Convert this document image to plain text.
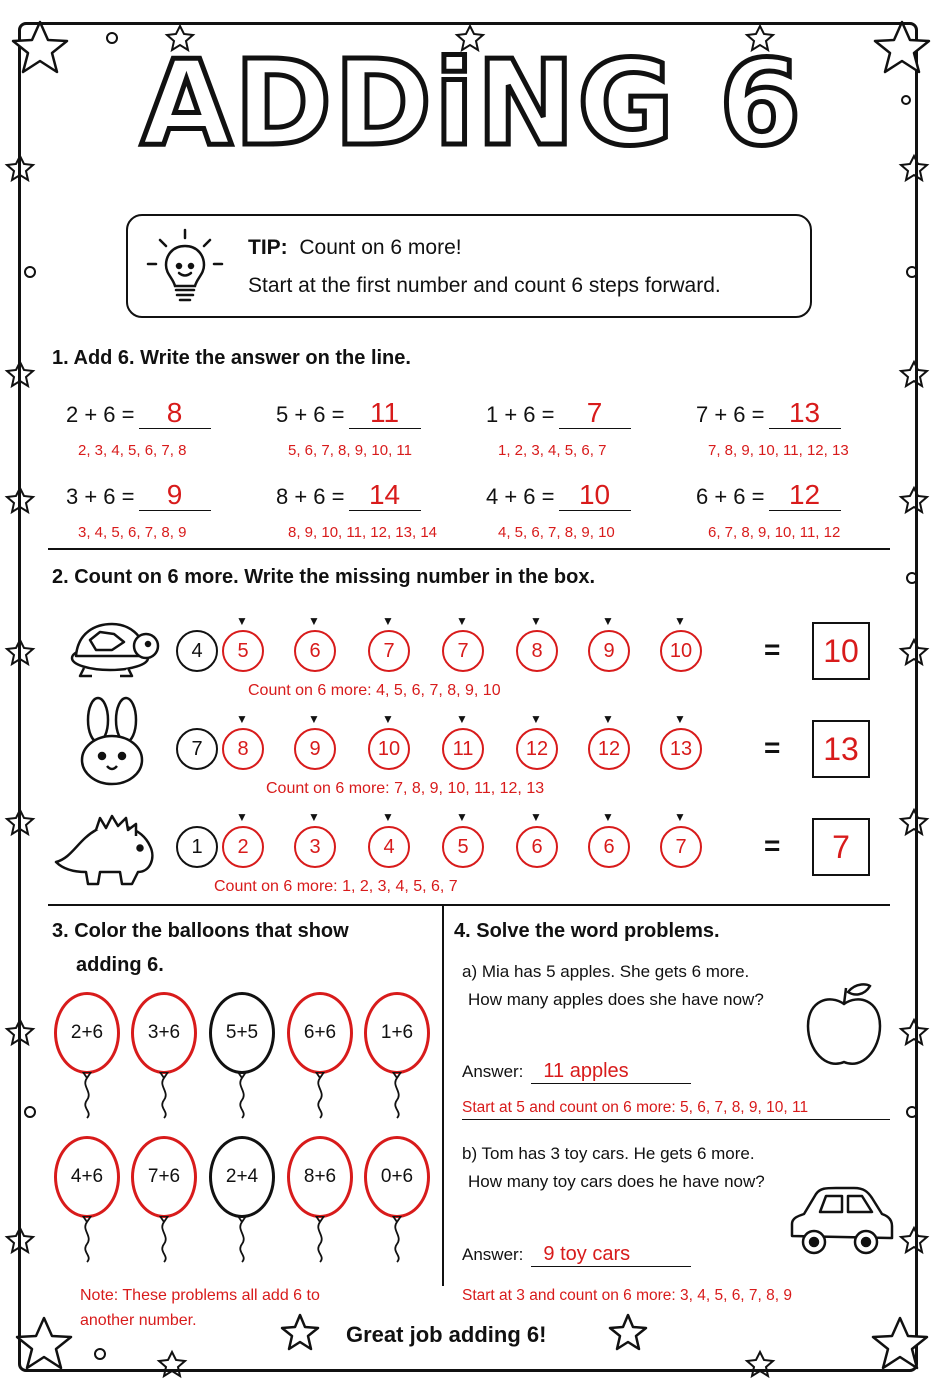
ADDiNG 6
TIP: Count on 6 more!
Start at the first number and count 6 steps forward.
1. Add 6. Write the answer on the line.
2 + 6 = 8
2, 3, 4, 5, 6, 7, 8
5 + 6 = 11
5, 6, 7, 8, 9, 10, 11
1 + 6 = 7
1, 2, 3, 4, 5, 6, 7
7 + 6 = 13
7, 8, 9, 10, 11, 12, 13
3 + 6 = 9
3, 4, 5, 6, 7, 8, 9
8 + 6 = 14
8, 9, 10, 11, 12, 13, 14
4 + 6 = 10
4, 5, 6, 7, 8, 9, 10
6 + 6 = 12
6, 7, 8, 9, 10, 11, 12
2. Count on 6 more. Write the missing number in the box.
4	5
▼
6
▼
7
▼
7
▼
8
▼
9
▼
10
▼
=	10
Count on 6 more: 4, 5, 6, 7, 8, 9, 10
7	8
▼
9
▼
10
▼
11
▼
12
▼
12
▼
13
▼
=	13
Count on 6 more: 7, 8, 9, 10, 11, 12, 13
1	2
▼
3
▼
4
▼
5
▼
6
▼
6
▼
7
▼
=	7
Count on 6 more: 1, 2, 3, 4, 5, 6, 7
3. Color the balloons that show
adding 6.
2+6	3+6	5+5	6+6	1+6
4+6	7+6	2+4	8+6	0+6
Note: These problems all add 6 to
another number.
4. Solve the word problems.
a) Mia has 5 apples. She gets 6 more.
How many apples does she have now?
Answer: 11 apples
Start at 5 and count on 6 more: 5, 6, 7, 8, 9, 10, 11
b) Tom has 3 toy cars. He gets 6 more.
How many toy cars does he have now?
Answer: 9 toy cars
Start at 3 and count on 6 more: 3, 4, 5, 6, 7, 8, 9
Great job adding 6!
